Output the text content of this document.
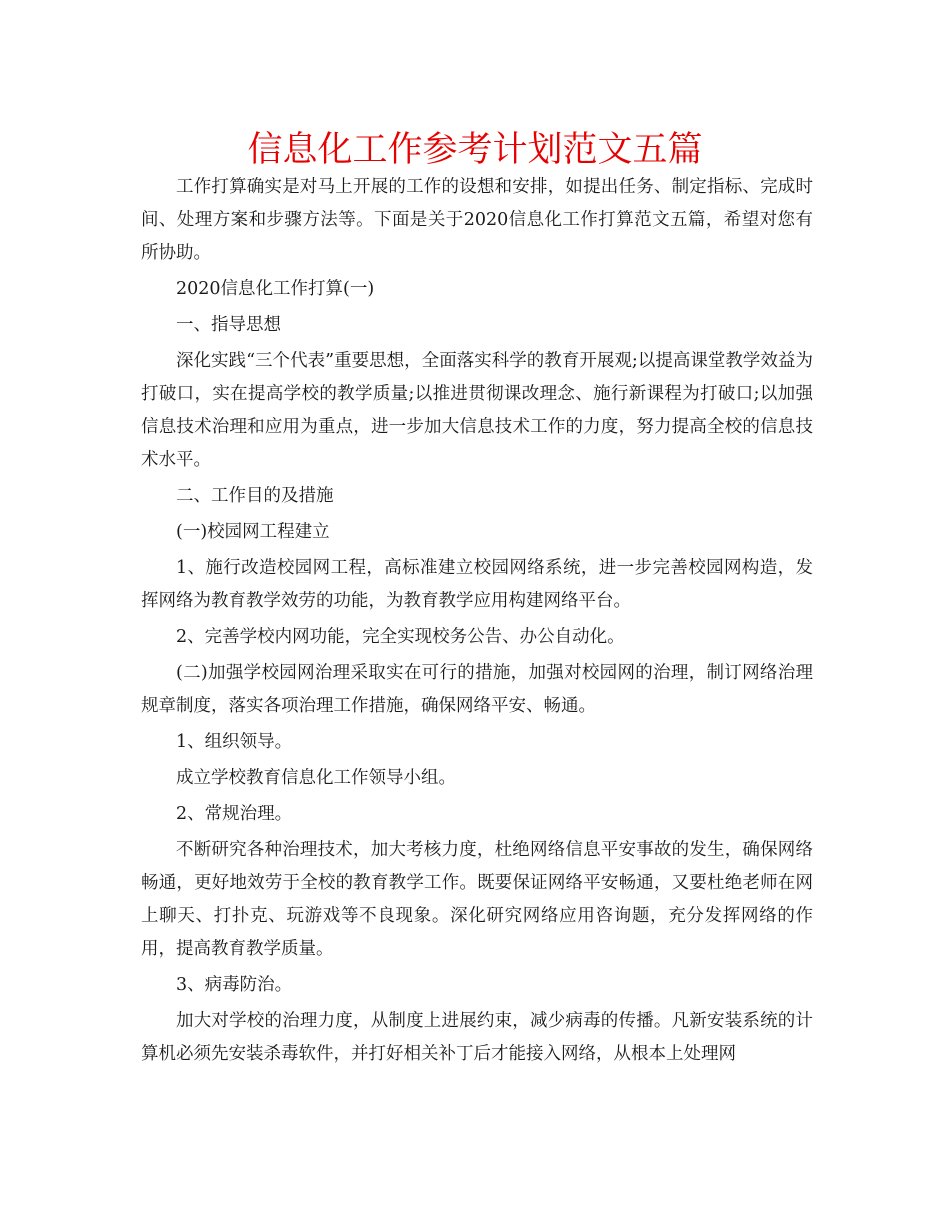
信息化工作参考计划范文五篇

工作打算确实是对马上开展的工作的设想和安排，如提出任务、制定指标、完成时间、处理方案和步骤方法等。下面是关于2020信息化工作打算范文五篇，希望对您有所协助。

2020信息化工作打算(一)

一、指导思想

深化实践“三个代表”重要思想，全面落实科学的教育开展观;以提高课堂教学效益为打破口，实在提高学校的教学质量;以推进贯彻课改理念、施行新课程为打破口;以加强信息技术治理和应用为重点，进一步加大信息技术工作的力度，努力提高全校的信息技术水平。

二、工作目的及措施

(一)校园网工程建立

1、施行改造校园网工程，高标准建立校园网络系统，进一步完善校园网构造，发挥网络为教育教学效劳的功能，为教育教学应用构建网络平台。

2、完善学校内网功能，完全实现校务公告、办公自动化。

(二)加强学校园网治理采取实在可行的措施，加强对校园网的治理，制订网络治理规章制度，落实各项治理工作措施，确保网络平安、畅通。

1、组织领导。

成立学校教育信息化工作领导小组。

2、常规治理。

不断研究各种治理技术，加大考核力度，杜绝网络信息平安事故的发生，确保网络畅通，更好地效劳于全校的教育教学工作。既要保证网络平安畅通，又要杜绝老师在网上聊天、打扑克、玩游戏等不良现象。深化研究网络应用咨询题，充分发挥网络的作用，提高教育教学质量。

3、病毒防治。

加大对学校的治理力度，从制度上进展约束，减少病毒的传播。凡新安装系统的计算机必须先安装杀毒软件，并打好相关补丁后才能接入网络，从根本上处理网
